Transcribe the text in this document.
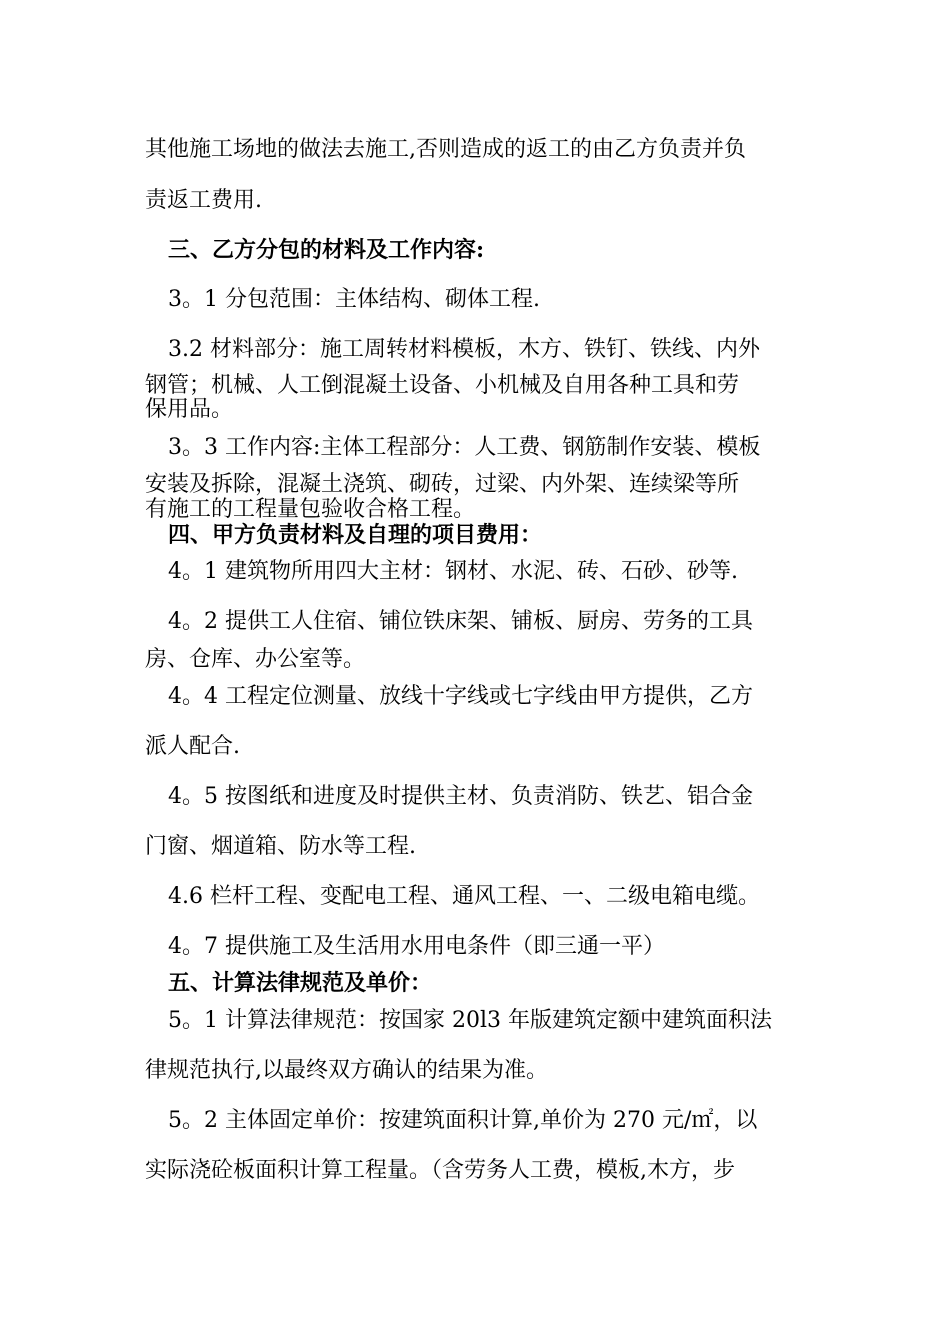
其他施工场地的做法去施工,否则造成的返工的由乙方负责并负
责返工费用.
三、乙方分包的材料及工作内容:
3。1 分包范围：主体结构、砌体工程.
3.2 材料部分：施工周转材料模板，木方、铁钉、铁线、内外
钢管；机械、人工倒混凝土设备、小机械及自用各种工具和劳
保用品。
3。3 工作内容:主体工程部分：人工费、钢筋制作安装、模板
安装及拆除，混凝土浇筑、砌砖，过梁、内外架、连续梁等所
有施工的工程量包验收合格工程。
四、甲方负责材料及自理的项目费用：
4。1 建筑物所用四大主材：钢材、水泥、砖、石砂、砂等.
4。2 提供工人住宿、铺位铁床架、铺板、厨房、劳务的工具
房、仓库、办公室等。
4。4 工程定位测量、放线十字线或七字线由甲方提供，乙方
派人配合.
4。5 按图纸和进度及时提供主材、负责消防、铁艺、铝合金
门窗、烟道箱、防水等工程.
4.6 栏杆工程、变配电工程、通风工程、一、二级电箱电缆。
4。7 提供施工及生活用水用电条件（即三通一平）
五、计算法律规范及单价：
5。1 计算法律规范：按国家 20l3 年版建筑定额中建筑面积法
律规范执行,以最终双方确认的结果为准。
5。2 主体固定单价：按建筑面积计算,单价为 270 元/㎡，以
实际浇砼板面积计算工程量。（含劳务人工费，模板,木方，步
